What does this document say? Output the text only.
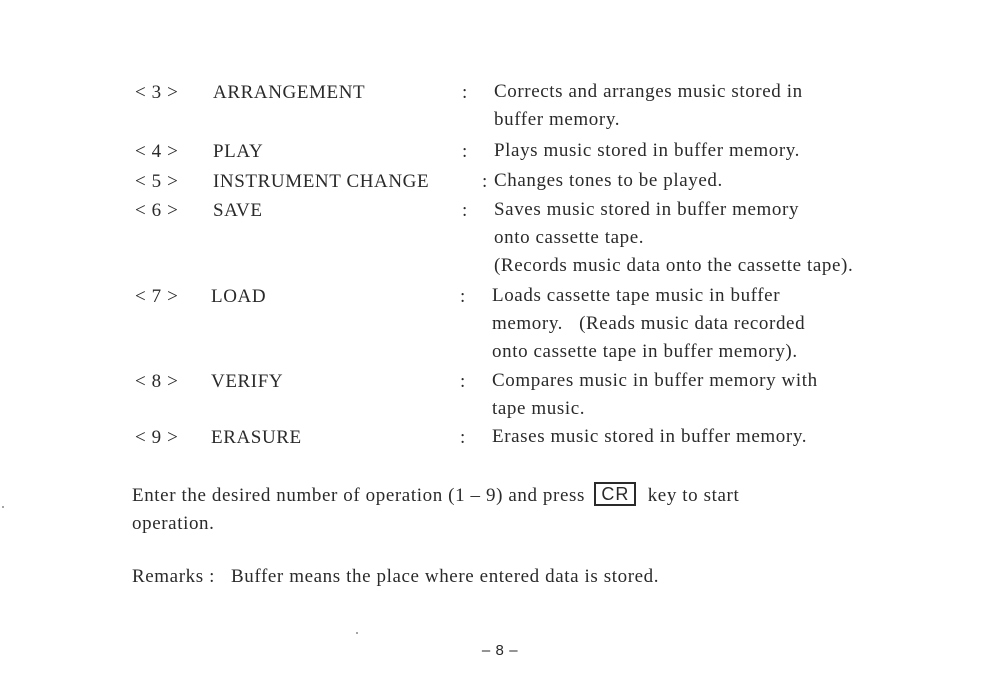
< 3 > ARRANGEMENT	: Corrects and arranges music stored in
buffer memory.
< 4 > PLAY	: Plays music stored in buffer memory.
< 5 > INSTRUMENT CHANGE	: Changes tones to be played.
< 6 > SAVE	: Saves music stored in buffer memory
onto cassette tape.
(Records music data onto the cassette tape).
< 7 > LOAD	: Loads cassette tape music in buffer
memory.   (Reads music data recorded
onto cassette tape in buffer memory).
< 8 > VERIFY	: Compares music in buffer memory with
tape music.
< 9 > ERASURE	: Erases music stored in buffer memory.
Enter the desired number of operation (1 – 9) and press CR key to start
operation.
Remarks :   Buffer means the place where entered data is stored.
– 8 –
